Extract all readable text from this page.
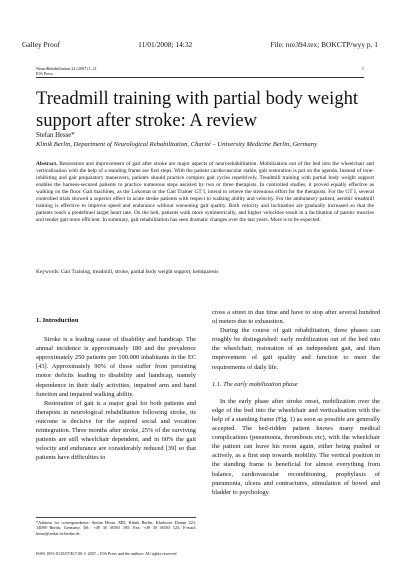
Galley Proof	11/01/2008; 14:32	File: nre394.tex; BOKCTP/wyy p. 1
NeuroRehabilitation 22 (2007) 1–11
IOS Press
1
Treadmill training with partial body weight support after stroke: A review
Stefan Hesse*
Klinik Berlin, Department of Neurological Rehabilitation, Charité – University Medicine Berlin, Germany

Abstract. Restoration and improvement of gait after stroke are major aspects of neurorehabilitation. Mobilization out of the bed into the wheelchair and verticalization with the help of a standing frame are first steps. With the patient cardiovascular stable, gait restoration is put on the agenda. Instead of tone-inhibiting and gait preparatory maneuvers, patients should practice complex gait cycles repetitively. Treadmill training with partial body weight support enables the harness-secured patients to practice numerous steps assisted by two or three therapists. In controlled studies, it proved equally effective as walking on the floor. Gait machines, as the Lokomat or the Gait Trainer GT I, intend to relieve the strenuous effort for the therapists. For the GT I, several controlled trials showed a superior effect in acute stroke patients with respect to walking ability and velocity. For the ambulatory patient, aerobic treadmill training is effective to improve speed and endurance without worsening gait quality. Both velocity and inclination are gradually increased so that the patients reach a predefined target heart rate. On the belt, patients walk more symmetrically, and higher velocities result in a facilitation of paretic muscles and tender gait more efficient. In summary, gait rehabilitation has seen dramatic changes over the last years. More is to be expected.

Keywords: Gait Training, treadmill, stroke, partial body weight support, hemiparesis
1. Introduction

Stroke is a leading cause of disability and handicap. The annual incidence is approximately 180 and the prevalence approximately 250 patients per 100.000 inhabitants in the EC [43]. Approximately 90% of those suffer from persisting motor deficits leading to disability and handicap, namely dependence in their daily activities, impaired arm and hand function and impaired walking ability.

Restoration of gait is a major goal for both patients and therapists in neurological rehabilitation following stroke, its outcome is decisive for the aspired social and vocation reintegration. Three months after stroke, 25% of the surviving patients are still wheelchair dependent, and in 60% the gait velocity and endurance are considerably reduced [39] so that patients have difficulties to

cross a street in due time and have to stop after several hundred of meters due to exhaustion.

During the course of gait rehabilitation, three phases can roughly be distinguished: early mobilization out of the bed into the wheelchair, restoration of an independent gait, and then improvement of gait quality and function to meet the requirements of daily life.

1.1. The early mobilization phase

In the early phase after stroke onset, mobilization over the edge of the bed into the wheelchair and verticalisation with the help of a standing frame (Fig. 1) as soon as possible are generally accepted. The bed-ridden patient knows many medical complications (pneumonia, thrombosis etc), with the wheelchair the patient can leave his room again, either being pushed or actively, as a first step towards mobility. The vertical position in the standing frame is beneficial for almost everything from balance, cardiovascular reconditioning, prophylaxis of pneumonia, ulcera and contractures, stimulation of bowel and bladder to psychology.

*Address for correspondence: Stefan Hesse, MD, Klinik Berlin, Kladower Damm 223, 14089 Berlin, Germany. Tel.: +49 30 36503 185; Fax: +49 30 36503 123; E-mail: hesse@zedat.fu-berlin.de.
ISSN 1053-8135/07/$17.00 © 2007 – IOS Press and the authors. All rights reserved
